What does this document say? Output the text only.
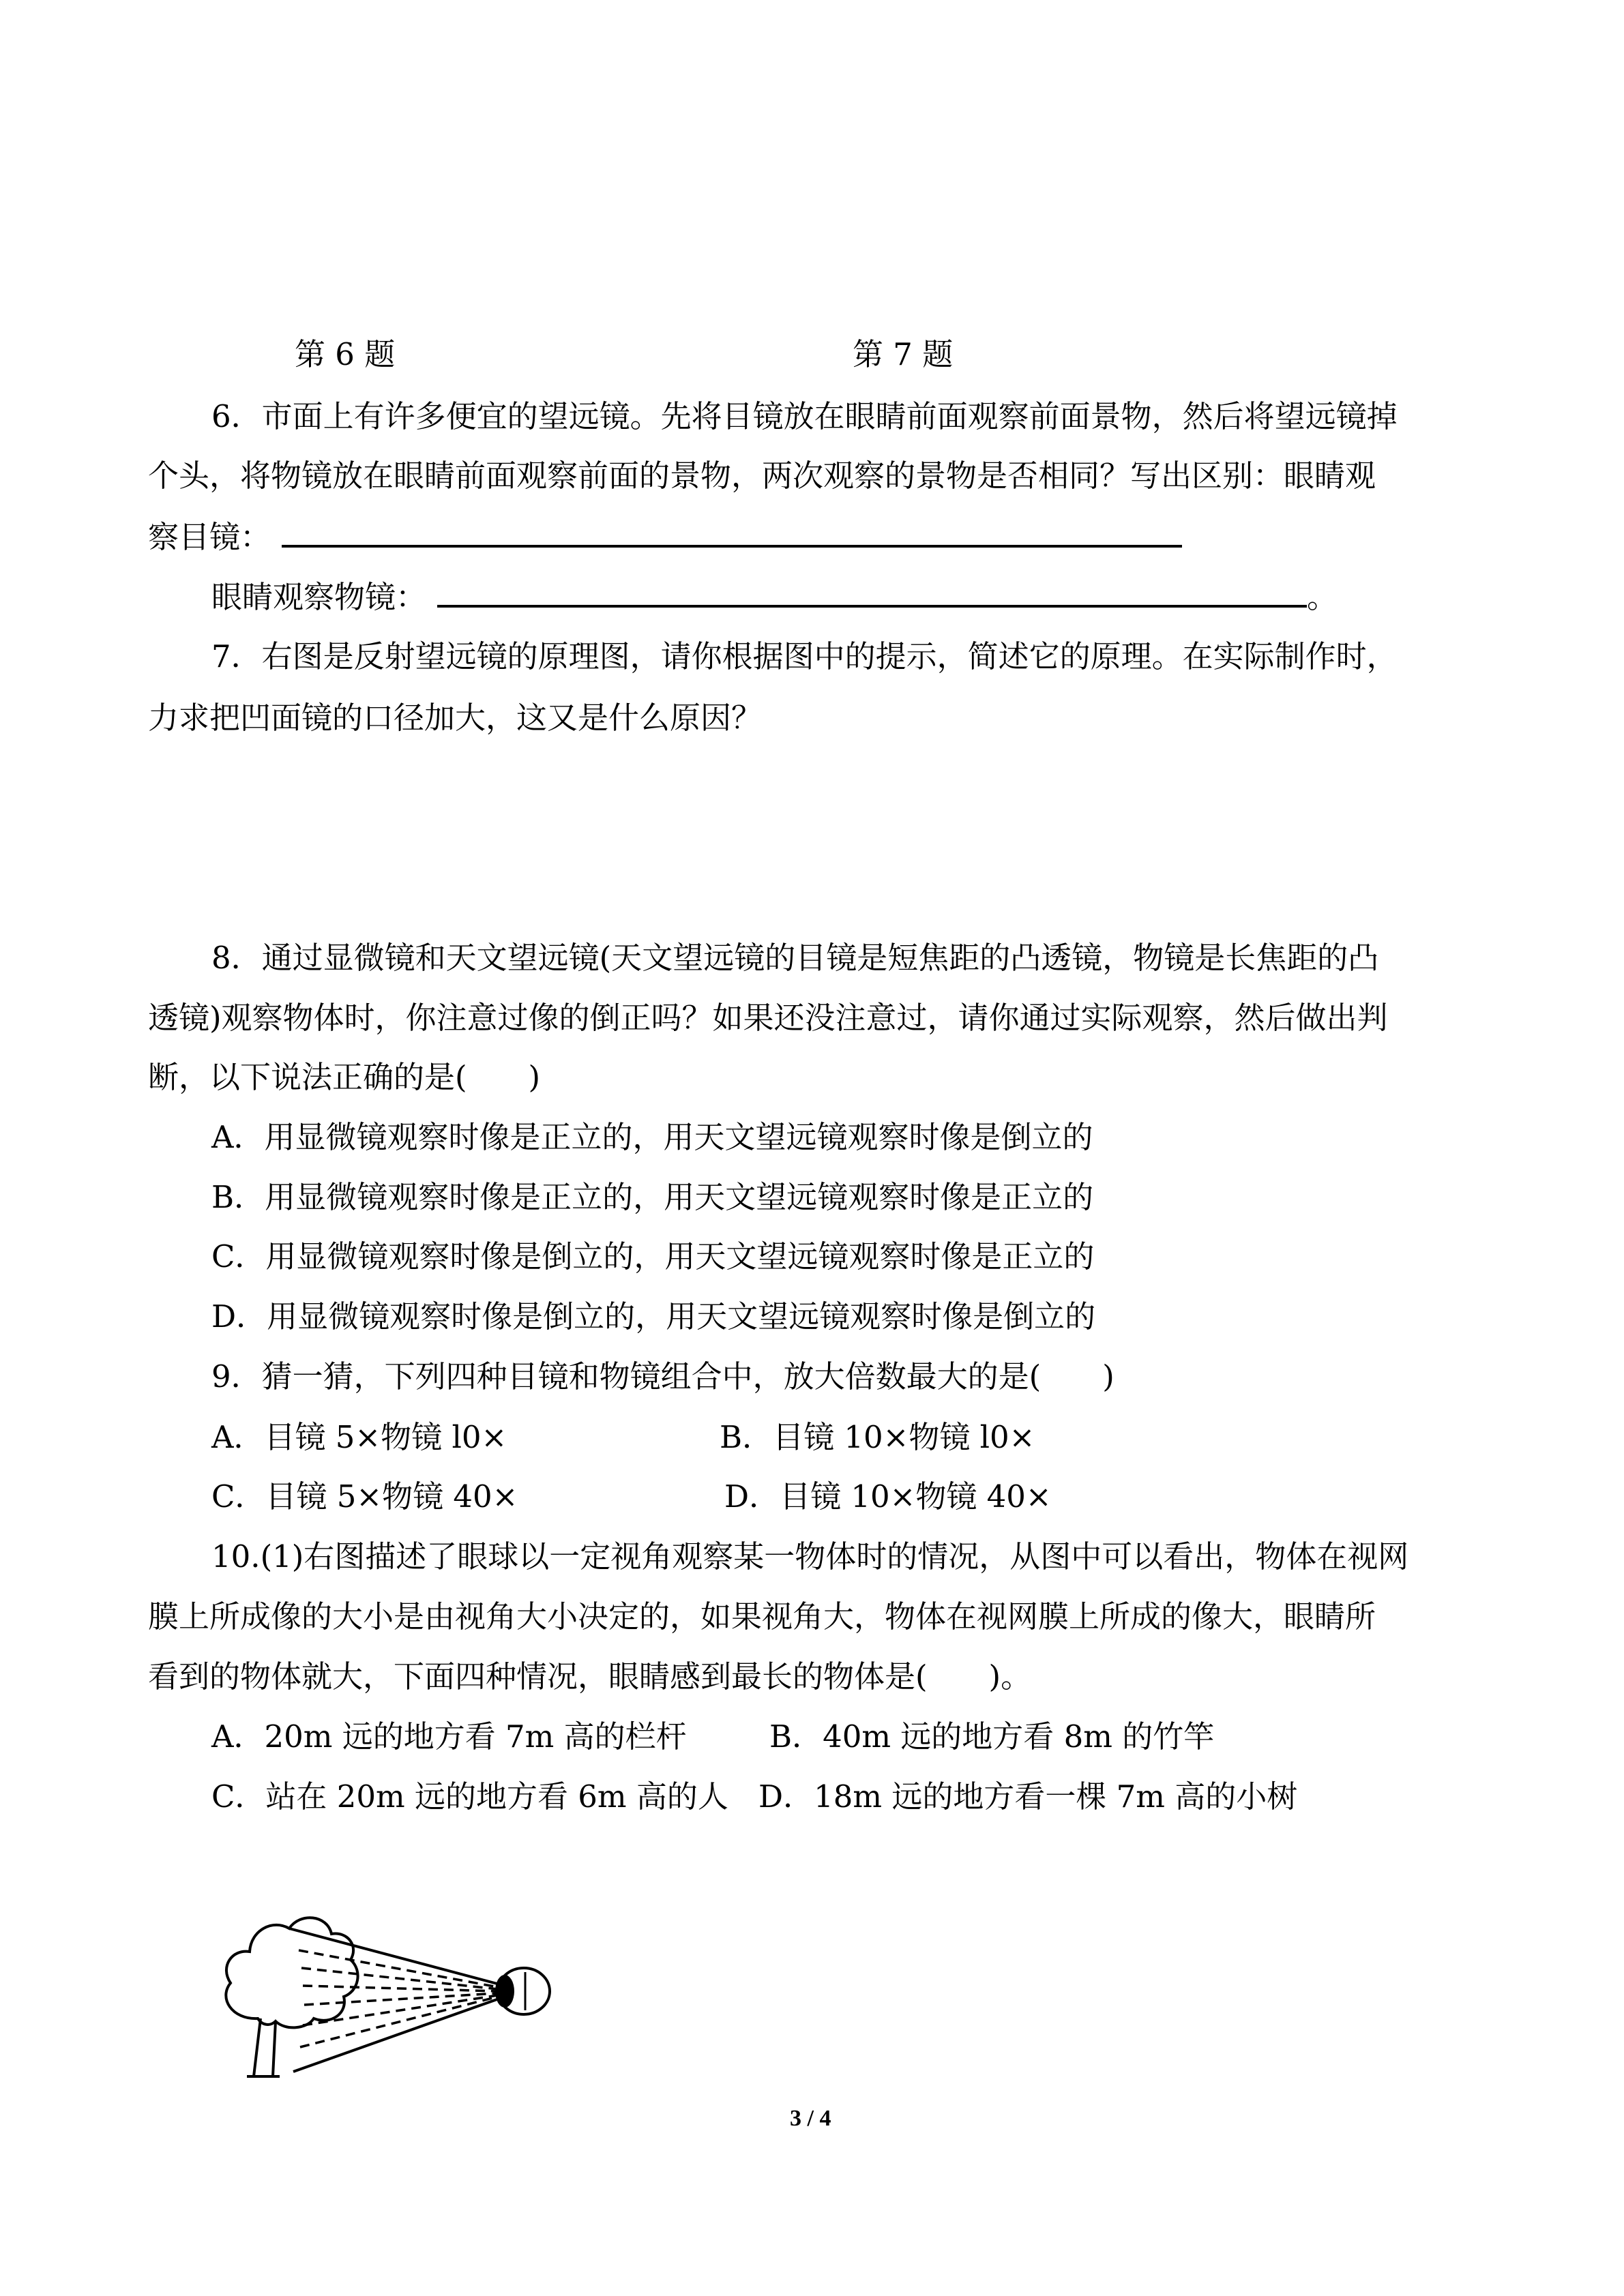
第 6 题	第 7 题
6．市面上有许多便宜的望远镜。先将目镜放在眼睛前面观察前面景物，然后将望远镜掉
个头，将物镜放在眼睛前面观察前面的景物，两次观察的景物是否相同？写出区别：眼睛观
察目镜：
眼睛观察物镜：	。
7．右图是反射望远镜的原理图，请你根据图中的提示，简述它的原理。在实际制作时，
力求把凹面镜的口径加大，这又是什么原因？
8．通过显微镜和天文望远镜(天文望远镜的目镜是短焦距的凸透镜，物镜是长焦距的凸
透镜)观察物体时，你注意过像的倒正吗？如果还没注意过，请你通过实际观察，然后做出判
断，以下说法正确的是(　　)
A．用显微镜观察时像是正立的，用天文望远镜观察时像是倒立的
B．用显微镜观察时像是正立的，用天文望远镜观察时像是正立的
C．用显微镜观察时像是倒立的，用天文望远镜观察时像是正立的
D．用显微镜观察时像是倒立的，用天文望远镜观察时像是倒立的
9．猜一猜，下列四种目镜和物镜组合中，放大倍数最大的是(　　)
A．目镜 5×物镜 l0×	B．目镜 10×物镜 l0×
C．目镜 5×物镜 40×	D．目镜 10×物镜 40×
10.(1)右图描述了眼球以一定视角观察某一物体时的情况，从图中可以看出，物体在视网
膜上所成像的大小是由视角大小决定的，如果视角大，物体在视网膜上所成的像大，眼睛所
看到的物体就大，下面四种情况，眼睛感到最长的物体是(　　)。
A．20m 远的地方看 7m 高的栏杆	B．40m 远的地方看 8m 的竹竿
C．站在 20m 远的地方看 6m 高的人 D．18m 远的地方看一棵 7m 高的小树
3 / 4
